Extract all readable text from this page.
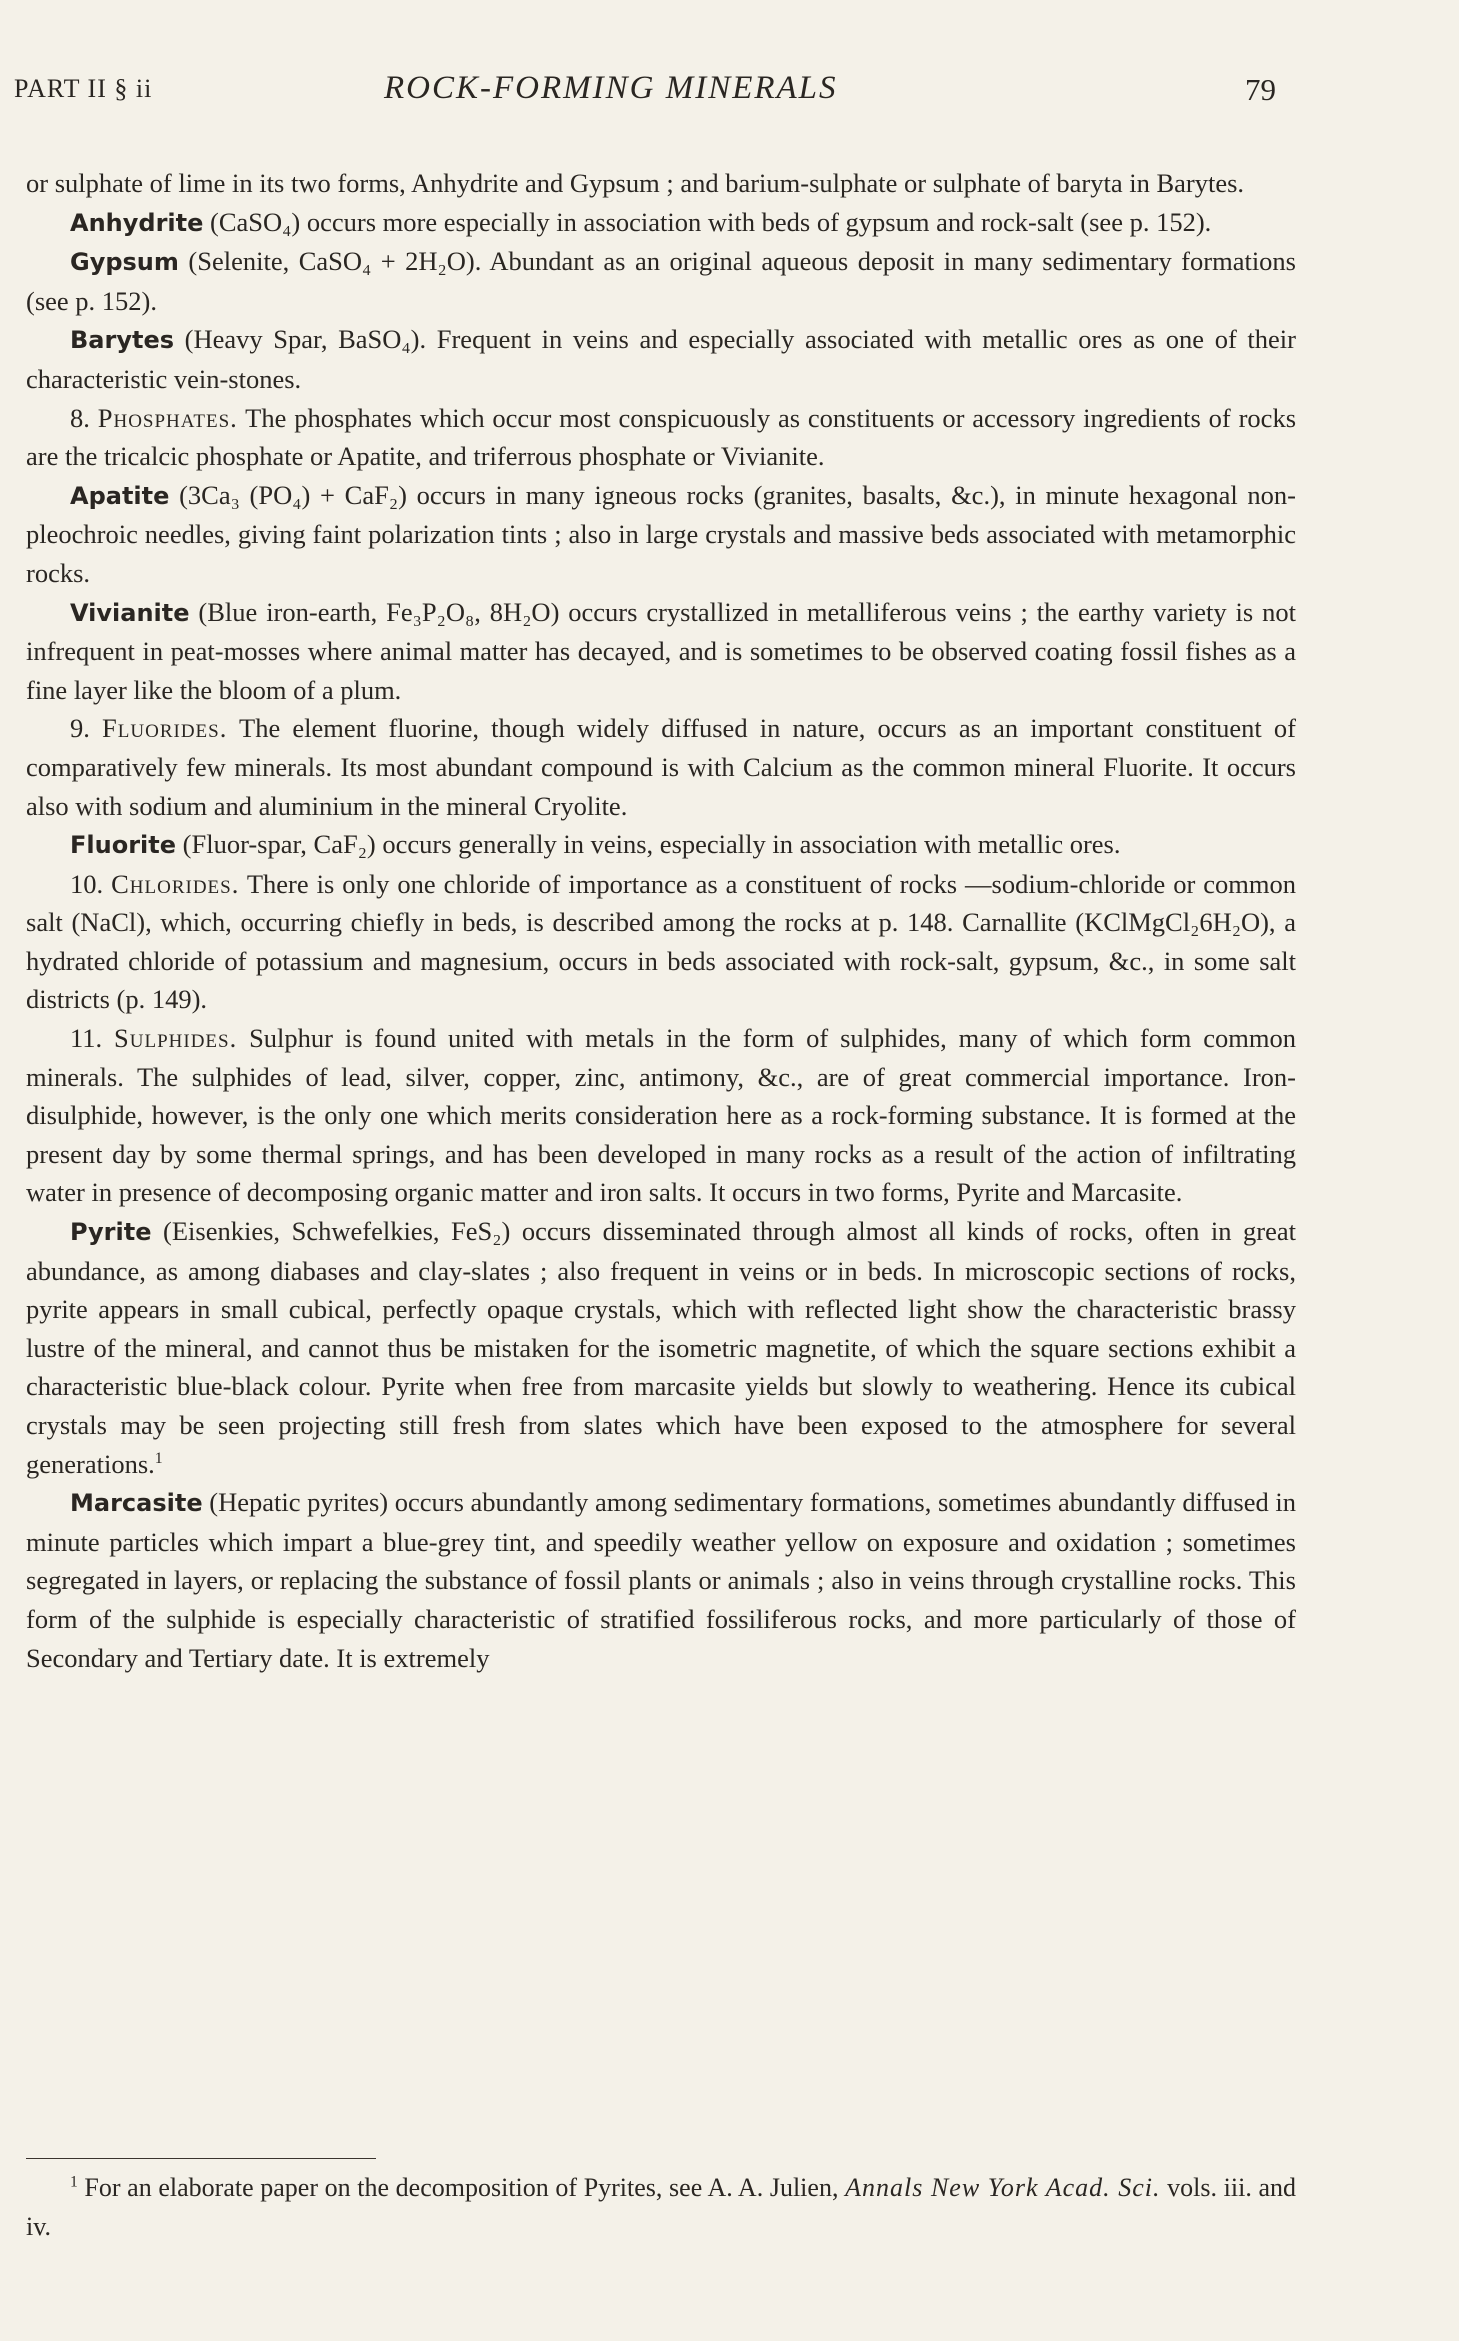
PART II § ii	ROCK-FORMING MINERALS	79

or sulphate of lime in its two forms, Anhydrite and Gypsum ; and barium-sulphate or sulphate of baryta in Barytes.

Anhydrite (CaSO₄) occurs more especially in association with beds of gypsum and rock-salt (see p. 152).

Gypsum (Selenite, CaSO₄ + 2H₂O). Abundant as an original aqueous deposit in many sedimentary formations (see p. 152).

Barytes (Heavy Spar, BaSO₄). Frequent in veins and especially associated with metallic ores as one of their characteristic vein-stones.

8. Phosphates. The phosphates which occur most conspicuously as constituents or accessory ingredients of rocks are the tricalcic phosphate or Apatite, and triferrous phosphate or Vivianite.

Apatite (3Ca₃ (PO₄) + CaF₂) occurs in many igneous rocks (granites, basalts, &c.), in minute hexagonal non-pleochroic needles, giving faint polarization tints ; also in large crystals and massive beds associated with metamorphic rocks.

Vivianite (Blue iron-earth, Fe₃P₂O₈, 8H₂O) occurs crystallized in metalliferous veins ; the earthy variety is not infrequent in peat-mosses where animal matter has decayed, and is sometimes to be observed coating fossil fishes as a fine layer like the bloom of a plum.

9. Fluorides. The element fluorine, though widely diffused in nature, occurs as an important constituent of comparatively few minerals. Its most abundant compound is with Calcium as the common mineral Fluorite. It occurs also with sodium and aluminium in the mineral Cryolite.

Fluorite (Fluor-spar, CaF₂) occurs generally in veins, especially in association with metallic ores.

10. Chlorides. There is only one chloride of importance as a constituent of rocks —sodium-chloride or common salt (NaCl), which, occurring chiefly in beds, is described among the rocks at p. 148. Carnallite (KClMgCl₂6H₂O), a hydrated chloride of potassium and magnesium, occurs in beds associated with rock-salt, gypsum, &c., in some salt districts (p. 149).

11. Sulphides. Sulphur is found united with metals in the form of sulphides, many of which form common minerals. The sulphides of lead, silver, copper, zinc, antimony, &c., are of great commercial importance. Iron-disulphide, however, is the only one which merits consideration here as a rock-forming substance. It is formed at the present day by some thermal springs, and has been developed in many rocks as a result of the action of infiltrating water in presence of decomposing organic matter and iron salts. It occurs in two forms, Pyrite and Marcasite.

Pyrite (Eisenkies, Schwefelkies, FeS₂) occurs disseminated through almost all kinds of rocks, often in great abundance, as among diabases and clay-slates ; also frequent in veins or in beds. In microscopic sections of rocks, pyrite appears in small cubical, perfectly opaque crystals, which with reflected light show the characteristic brassy lustre of the mineral, and cannot thus be mistaken for the isometric magnetite, of which the square sections exhibit a characteristic blue-black colour. Pyrite when free from marcasite yields but slowly to weathering. Hence its cubical crystals may be seen projecting still fresh from slates which have been exposed to the atmosphere for several generations.$^1$

Marcasite (Hepatic pyrites) occurs abundantly among sedimentary formations, sometimes abundantly diffused in minute particles which impart a blue-grey tint, and speedily weather yellow on exposure and oxidation ; sometimes segregated in layers, or replacing the substance of fossil plants or animals ; also in veins through crystalline rocks. This form of the sulphide is especially characteristic of stratified fossiliferous rocks, and more particularly of those of Secondary and Tertiary date. It is extremely

$^1$ For an elaborate paper on the decomposition of Pyrites, see A. A. Julien, Annals New York Acad. Sci. vols. iii. and iv.
